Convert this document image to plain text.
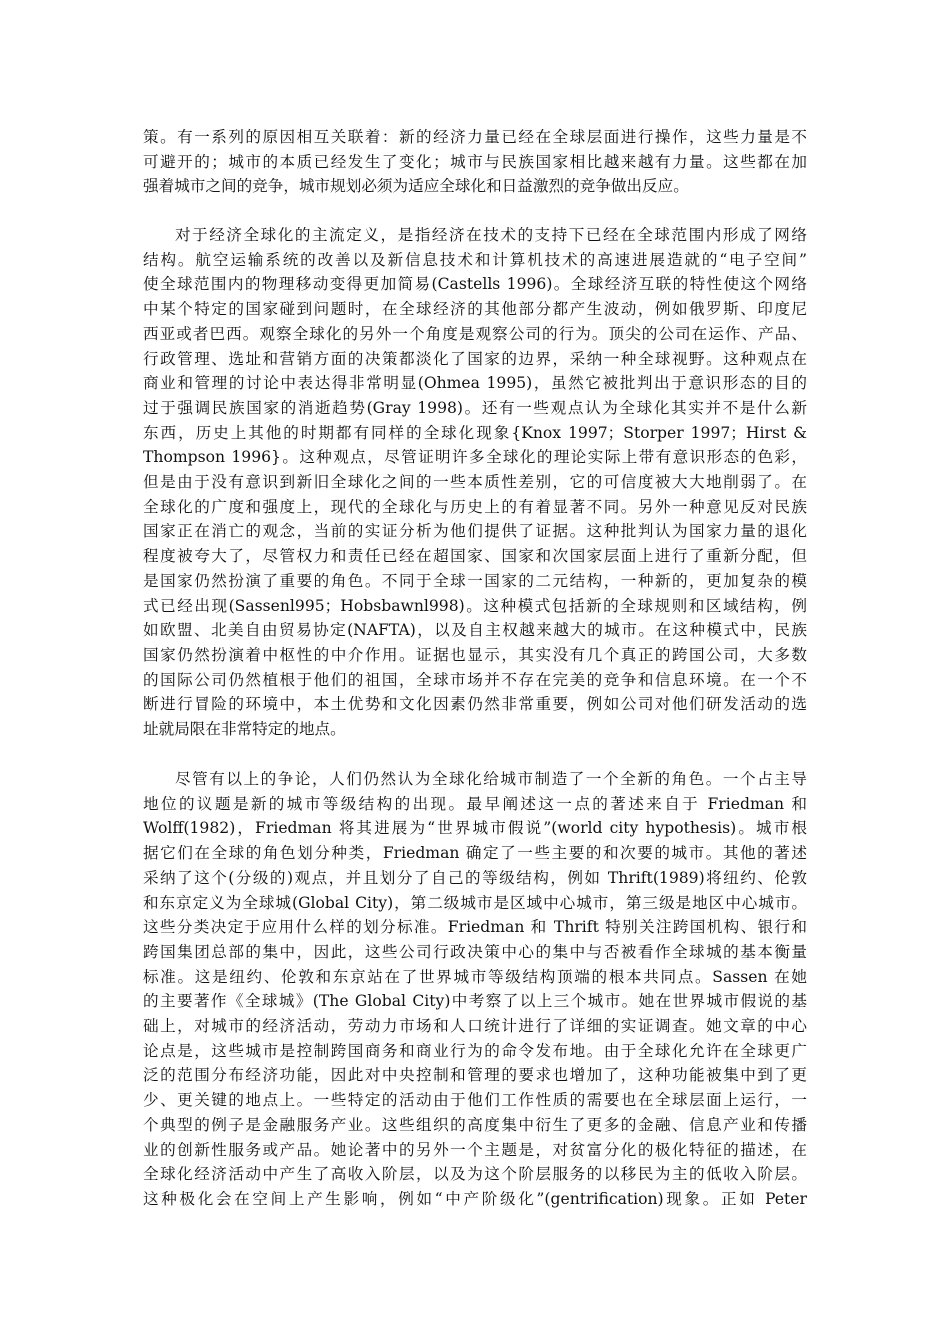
策。有一系列的原因相互关联着：新的经济力量已经在全球层面进行操作，这些力量是不
可避开的；城市的本质已经发生了变化；城市与民族国家相比越来越有力量。这些都在加
强着城市之间的竞争，城市规划必须为适应全球化和日益激烈的竞争做出反应。

对于经济全球化的主流定义，是指经济在技术的支持下已经在全球范围内形成了网络
结构。航空运输系统的改善以及新信息技术和计算机技术的高速进展造就的“电子空间”
使全球范围内的物理移动变得更加简易(Castells 1996)。全球经济互联的特性使这个网络
中某个特定的国家碰到问题时，在全球经济的其他部分都产生波动，例如俄罗斯、印度尼
西亚或者巴西。观察全球化的另外一个角度是观察公司的行为。顶尖的公司在运作、产品、
行政管理、选址和营销方面的决策都淡化了国家的边界，采纳一种全球视野。这种观点在
商业和管理的讨论中表达得非常明显(Ohmea 1995)，虽然它被批判出于意识形态的目的
过于强调民族国家的消逝趋势(Gray 1998)。还有一些观点认为全球化其实并不是什么新
东西，历史上其他的时期都有同样的全球化现象{Knox 1997；Storper 1997；Hirst &
Thompson 1996}。这种观点，尽管证明许多全球化的理论实际上带有意识形态的色彩，
但是由于没有意识到新旧全球化之间的一些本质性差别，它的可信度被大大地削弱了。在
全球化的广度和强度上，现代的全球化与历史上的有着显著不同。另外一种意见反对民族
国家正在消亡的观念，当前的实证分析为他们提供了证据。这种批判认为国家力量的退化
程度被夸大了，尽管权力和责任已经在超国家、国家和次国家层面上进行了重新分配，但
是国家仍然扮演了重要的角色。不同于全球一国家的二元结构，一种新的，更加复杂的模
式已经出现(Sassenl995；Hobsbawnl998)。这种模式包括新的全球规则和区域结构，例
如欧盟、北美自由贸易协定(NAFTA)，以及自主权越来越大的城市。在这种模式中，民族
国家仍然扮演着中枢性的中介作用。证据也显示，其实没有几个真正的跨国公司，大多数
的国际公司仍然植根于他们的祖国，全球市场并不存在完美的竞争和信息环境。在一个不
断进行冒险的环境中，本土优势和文化因素仍然非常重要，例如公司对他们研发活动的选
址就局限在非常特定的地点。

尽管有以上的争论，人们仍然认为全球化给城市制造了一个全新的角色。一个占主导
地位的议题是新的城市等级结构的出现。最早阐述这一点的著述来自于 Friedman 和
Wolff(1982)，Friedman 将其进展为“世界城市假说”(world city hypothesis)。城市根
据它们在全球的角色划分种类，Friedman 确定了一些主要的和次要的城市。其他的著述
采纳了这个(分级的)观点，并且划分了自己的等级结构，例如 Thrift(1989)将纽约、伦敦
和东京定义为全球城(Global City)，第二级城市是区域中心城市，第三级是地区中心城市。
这些分类决定于应用什么样的划分标准。Friedman 和 Thrift 特别关注跨国机构、银行和
跨国集团总部的集中，因此，这些公司行政决策中心的集中与否被看作全球城的基本衡量
标准。这是纽约、伦敦和东京站在了世界城市等级结构顶端的根本共同点。Sassen 在她
的主要著作《全球城》(The Global City)中考察了以上三个城市。她在世界城市假说的基
础上，对城市的经济活动，劳动力市场和人口统计进行了详细的实证调查。她文章的中心
论点是，这些城市是控制跨国商务和商业行为的命令发布地。由于全球化允许在全球更广
泛的范围分布经济功能，因此对中央控制和管理的要求也增加了，这种功能被集中到了更
少、更关键的地点上。一些特定的活动由于他们工作性质的需要也在全球层面上运行，一
个典型的例子是金融服务产业。这些组织的高度集中衍生了更多的金融、信息产业和传播
业的创新性服务或产品。她论著中的另外一个主题是，对贫富分化的极化特征的描述，在
全球化经济活动中产生了高收入阶层，以及为这个阶层服务的以移民为主的低收入阶层。
这种极化会在空间上产生影响，例如“中产阶级化”(gentrification)现象。正如 Peter
